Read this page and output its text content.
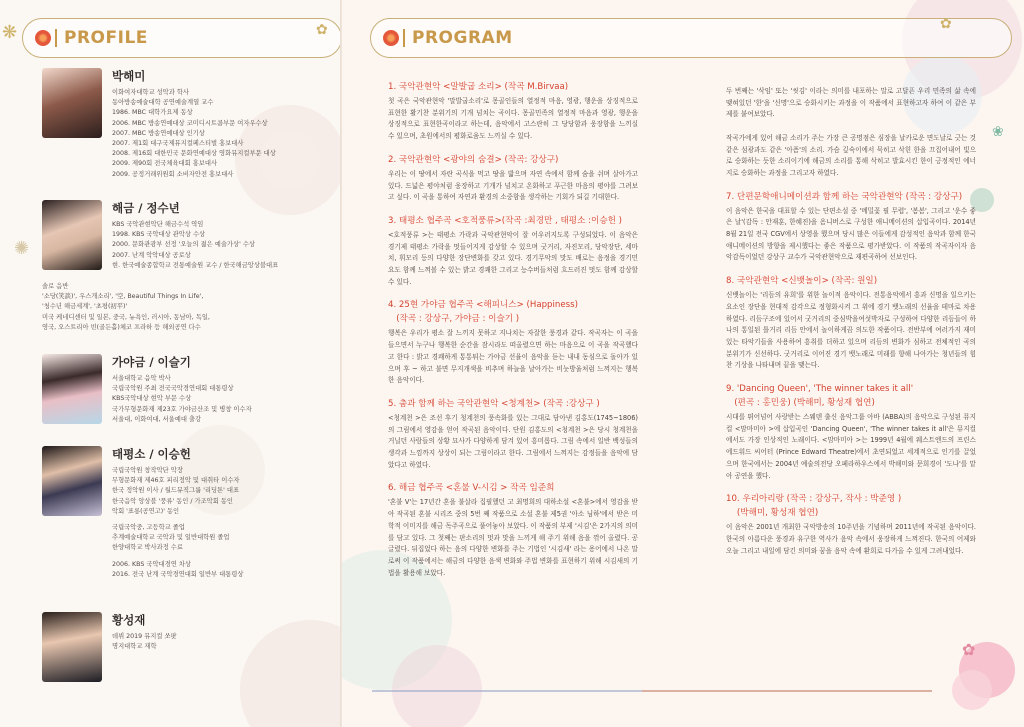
PROFILE
❋	✿
박해미
이화여자대학교 성악과 학사
동아방송예술대학 공연예술계열 교수
1986. MBC 대학가요제 동상
2006. MBC 방송연예대상 코미디시트콤부문 여자우수상
2007. MBC 방송연예대상 인기상
2007. 제1회 대구국제뮤지컬페스티벌 홍보대사
2008. 제16회 대한민국 문화연예대상 영화뮤지컬부문 대상
2009. 제90회 전국체육대회 홍보대사
2009. 공정거래위원회 소비자안전 홍보대사
해금 / 정수년
KBS 국악관현악단 해금수석 역임
1998. KBS 국악대상 관악상 수상
2000. 문화관광부 선정 '오늘의 젊은 예술가상' 수상
2007. 난계 악악대상 공로상
현. 한국예술종합학교 전통예술원 교수 / 한국해금앙상블대표
솔로 음반
'소당(笑談)', 우스개소리', '空, Beautiful Things In Life',
'청수년 해금세계', '초평(初平)'
미국 케네디센터 및 일본, 중국, 뉴욕인, 러시아, 동남아, 독일,
영국, 오스트리아 빈(골든홀)체코 프라하 등 해외공연 다수
가야금 / 이슬기
서울대학교 음악 박사
국립국악원 주최 전국국악경연대회 대통령상
KBS국악대상 현악 부문 수상
국가무형문화재 제23호 가야금산조 및 병창 이수자
서울대, 이화여대, 서울예대 출강
태평소 / 이승헌
국립국악원 창작악단 악장
무형문화재 제46호 피리정악 및 대취타 이수자
한국 정악원 이사 / 월드뮤직그룹 '리딩톤' 대표
한국음악 앙상블 '풍류' 동인 / 가조악회 동인
악회 '표롱(공연고)' 동인
국립국악중, 고등학교 졸업
추계예술대학교 국악과 및 일반대학원 졸업
한양대학교 박사과정 수료
2006. KBS 국악대경연 차상
2016. 전국 난계 국악경연대회 일반부 대통령상
황성재
데뷔 2019 뮤지컬 쏘팟
명지대학교 재학
✺
PROGRAM
✿
1. 국악관현악 <말발굽 소리> (작곡 M.Birvaa)
첫 곡은 국악관현악 '말발굽소리'로 몽골인들의 열정적 마음, 영광, 행운을 상징적으로 표현한 활기찬 분위기의 기개 넘치는 곡이다. 몽골민족의 열정적 마음과 영광, 행운을 상징적으로 표현한곡이라고 하는데, 음악에서 고스란히 그 당당함과 웅장함을 느끼실 수 있으며, 초원에서의 평화로움도 느끼실 수 있다.
2. 국악관현악 <광야의 숨결> (작곡: 강상구)
우리는 이 땅에서 자란 곡식을 먹고 땅을 밟으며 자연 속에서 함께 숨을 쉬며 살아가고 있다. 드넓은 평야처럼 웅장하고 기개가 넘치고 온화하고 푸근한 마음의 평야를 그려보고 싶다. 이 곡을 통하여 자연과 환경의 소중함을 생각하는 기회가 되길 기대한다.
3. 태평소 협주곡 <호적풍류>(작곡 :최경만 , 태평소 :이승헌 )
<호적풍류 >는 태평소 가락과 국악관현악이 잘 어우러지도록 구성되었다. 이 음악은 경기제 태평소 가락을 멋들어지게 감상할 수 있으며 굿거리, 자진모리, 당악장단, 세마치, 휘모리 등의 다양한 장단변화를 갖고 있다. 경기무악의 맛도 배로는 음정을 경기민요도 함께 느껴볼 수 있는 밝고 경쾌한 그리고 능수버들처럼 흐드러진 멋도 함께 감상할 수 있다.
4. 25현 가야금 협주곡 <해피니스> (Happiness)
(작곡 : 강상구, 가야금 : 이슬기 )
행복은 우리가 평소 잘 느끼지 못하고 지나치는 자잘한 풍경과 같다. 작곡자는 이 곡을 들으면서 누구나 행복한 순간을 잠시라도 떠올렸으면 하는 마음으로 이 곡을 작곡했다고 한다 : 밝고 경쾌하게 통통튀는 가야금 선율이 음악을 듣는 내내 동심으로 돌아가 있으며 후 ~ 하고 불면 무지개색을 비추며 하늘을 날아가는 비눗방울처럼 느껴지는 행복한 음악이다.
5. 춤과 함께 하는 국악관현악 <청계천> (작곡 :강상구 )
<청계천 >은 조선 후기 청계천의 풍속화를 있는 그대로 담아낸 김홍도(1745~1806)의 그림에서 영감을 얻어 작곡된 음악이다. 단원 김홍도의 <청계천 >은 당시 청계천을 거닐던 사람들의 상황 묘사가 다양하게 담겨 있어 흥미롭다. 그림 속에서 일반 백성들의 생각과 느낌까지 상상이 되는 그림이라고 한다. 그림에서 느껴지는 감정들을 음악에 담았다고 하였다.
6. 해금 협주곡 <혼불 V-시김 > 작곡 임준희
'혼불 V'는 17년간 혼을 불살라 집필했던 고 최명희의 대하소설 <혼불>에서 영감을 받아 작곡된 혼불 시리즈 중의 5번 째 작품으로 소설 혼불 제5권 '아소 님하'에서 받은 미학적 이미지를 해금 독주곡으로 풀어놓아 보았다. 이 작품의 부제 '시김'은 2가지의 의미를 담고 있다. 그 첫째는 판소리의 멋과 맛을 느끼게 해 주기 위해 음을 꺾어 올렸다. 공글렸다. 뒤집었다 하는 음의 다양한 변화를 주는 기법인 '시김새' 라는 용어에서 나온 말로써 이 작품에서는 해금의 다양한 음색 변화와 주법 변화를 표현하기 위해 시김새의 기법을 활용해 보았다.
두 번째는 '삭임' 또는 '씻김' 이라는 의미를 내포하는 말로 고달픈 우리 민족의 삶 속에 맺혀있던 '한'을 '신명'으로 승화시키는 과정을 이 작품에서 표현하고자 하여 이 같은 부제를 붙여보았다.

작곡가에게 있어 해금 소리가 주는 가장 큰 공명점은 심장을 날카로운 면도날로 긋는 것 같은 섬광과도 같은 '아픔'의 소리. 가슴 깊숙이에서 묵히고 삭힌 한을 끄집어내어 빛으로 승화하는 듯한 소리이기에 해금의 소리를 통해 삭히고 발효시킨 한이 긍정적인 에너지로 승화하는 과정을 그리고자 하였다.
7. 단편문학애니메이션과 함께 하는 국악관현악 (작곡 : 강상구)
이 음악은 한국을 대표할 수 있는 단편소설 중 '메밀꽃 필 무렵', '봄봄', 그리고 '운수 좋은 날'(감독 : 안재훈, 한혜진)을 옴니버스로 구성한 애니메이션의 삽입곡이다. 2014년 8월 21일 전국 CGV에서 상영을 했으며 당시 많은 이들에게 감성적인 음악과 함께 한국 애니메이션의 방향을 제시했다는 좋은 작품으로 평가받았다. 이 작품의 작곡자이자 음악감독이었던 강상구 교수가 국악관현악으로 재편곡하여 선보인다.
8. 국악관현악 <신뱃놀이> (작곡: 원일)
신뱃놀이는 '리듬의 유희'를 위한 놀이적 음악이다. 전통음악에서 흥과 신명을 일으키는 요소인 장단을 현대적 감각으로 정형화시켜 그 위에 경기 뱃노래의 선율을 테마로 차용하였다. 리듬구조에 있어서 굿거리의 중심박을여섯박자로 구성하여 다양한 리듬들이 하나의 통일된 틀거리 리듬 안에서 놀이하게끔 의도한 작품이다. 전반부에 여러가지 재미있는 타악기들을 사용하여 흥취를 더하고 있으며 리듬의 변화가 심하고 전체적인 곡의 분위기가 신선하다. 굿거리로 이어진 경기 뱃노래로 미래를 향해 나아가는 청년들의 힘찬 기상을 나타내며 끝을 맺는다.
9. 'Dancing Queen', 'The winner takes it all'
(편곡 : 홍민웅) (박해미, 황성재 협연)
시대를 뛰어넘어 사랑받는 스웨덴 출신 음악그룹 아바 (ABBA)의 음악으로 구성된 뮤지컬 <맘마미아 >에 삽입곡인 'Dancing Queen', 'The winner takes it all'은 뮤지컬에서도 가장 인상적인 노래이다. <맘마미아 >는 1999년 4월에 웨스트엔드의 프린스 에드워드 씨어터 (Prince Edward Theatre)에서 초연되었고 세계적으로 인기를 끌었으며 한국에서는 2004년 예술의전당 오페라하우스에서 박해미와 문희경이 '도나'를 맡아 공연을 했다.
10. 우리아리랑 (작곡 : 강상구, 작사 : 박준영 )
(박해미, 황성재 협연)
이 음악은 2001년 개최한 국악방송의 10주년을 기념하며 2011년에 작곡된 음악이다. 한국의 아름다운 풍경과 유구한 역사가 음악 속에서 웅장하게 느껴진다. 한국의 어제와 오늘 그리고 내일에 담긴 의미와 꿈을 음악 속에 환희로 다가올 수 있게 그려내었다.
❀
✿
